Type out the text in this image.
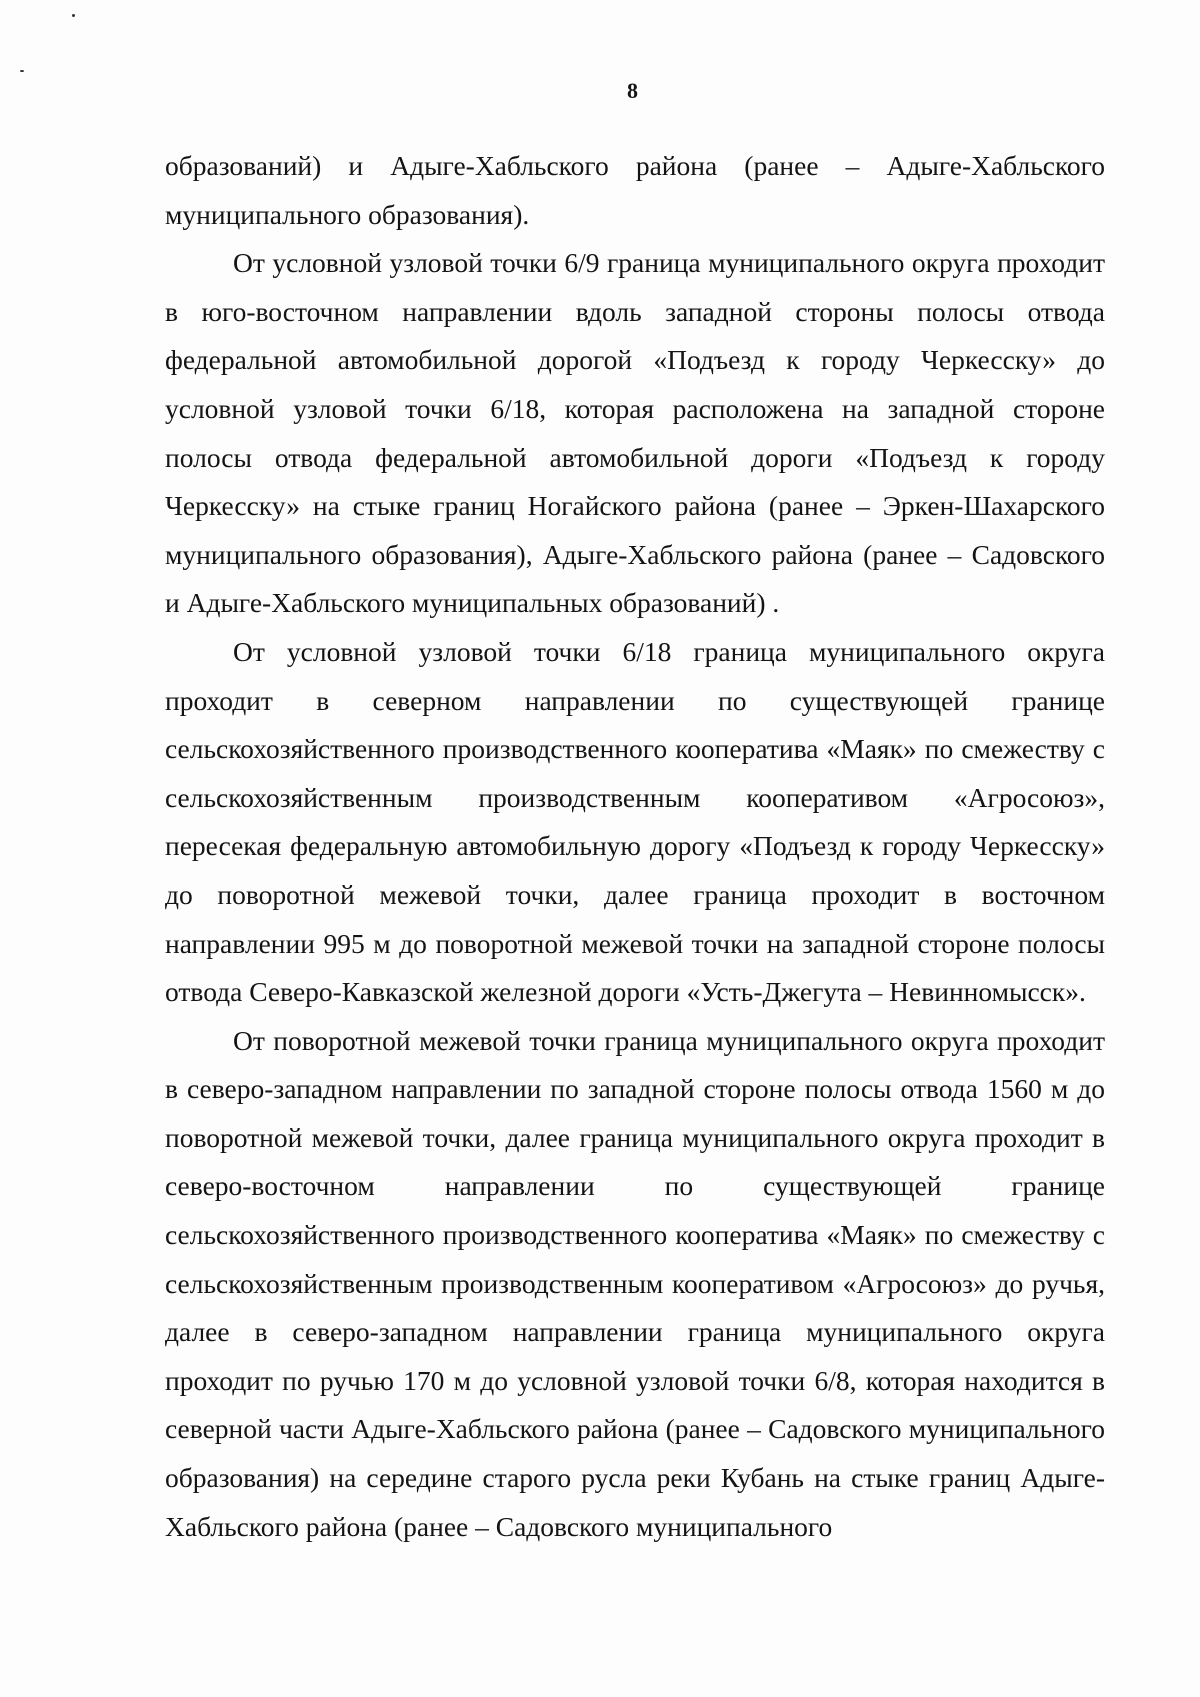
8

образований) и Адыге-Хабльского района (ранее – Адыге-Хабльского муниципального образования).

От условной узловой точки 6/9 граница муниципального округа проходит в юго-восточном направлении вдоль западной стороны полосы отвода федеральной автомобильной дорогой «Подъезд к городу Черкесску» до условной узловой точки 6/18, которая расположена на западной стороне полосы отвода федеральной автомобильной дороги «Подъезд к городу Черкесску» на стыке границ Ногайского района (ранее – Эркен-Шахарского муниципального образования), Адыге-Хабльского района (ранее – Садовского и Адыге-Хабльского муниципальных образований) .

От условной узловой точки 6/18 граница муниципального округа проходит в северном направлении по существующей границе сельскохозяйственного производственного кооператива «Маяк» по смежеству с сельскохозяйственным производственным кооперативом «Агросоюз», пересекая федеральную автомобильную дорогу «Подъезд к городу Черкесску» до поворотной межевой точки, далее граница проходит в восточном направлении 995 м до поворотной межевой точки на западной стороне полосы отвода Северо-Кавказской железной дороги «Усть-Джегута – Невинномысск».

От поворотной межевой точки граница муниципального округа проходит в северо-западном направлении по западной стороне полосы отвода 1560 м до поворотной межевой точки, далее граница муниципального округа проходит в северо-восточном направлении по существующей границе сельскохозяйственного производственного кооператива «Маяк» по смежеству с сельскохозяйственным производственным кооперативом «Агросоюз» до ручья, далее в северо-западном направлении граница муниципального округа проходит по ручью 170 м до условной узловой точки 6/8, которая находится в северной части Адыге-Хабльского района (ранее – Садовского муниципального образования) на середине старого русла реки Кубань на стыке границ Адыге-Хабльского района (ранее – Садовского муниципального
